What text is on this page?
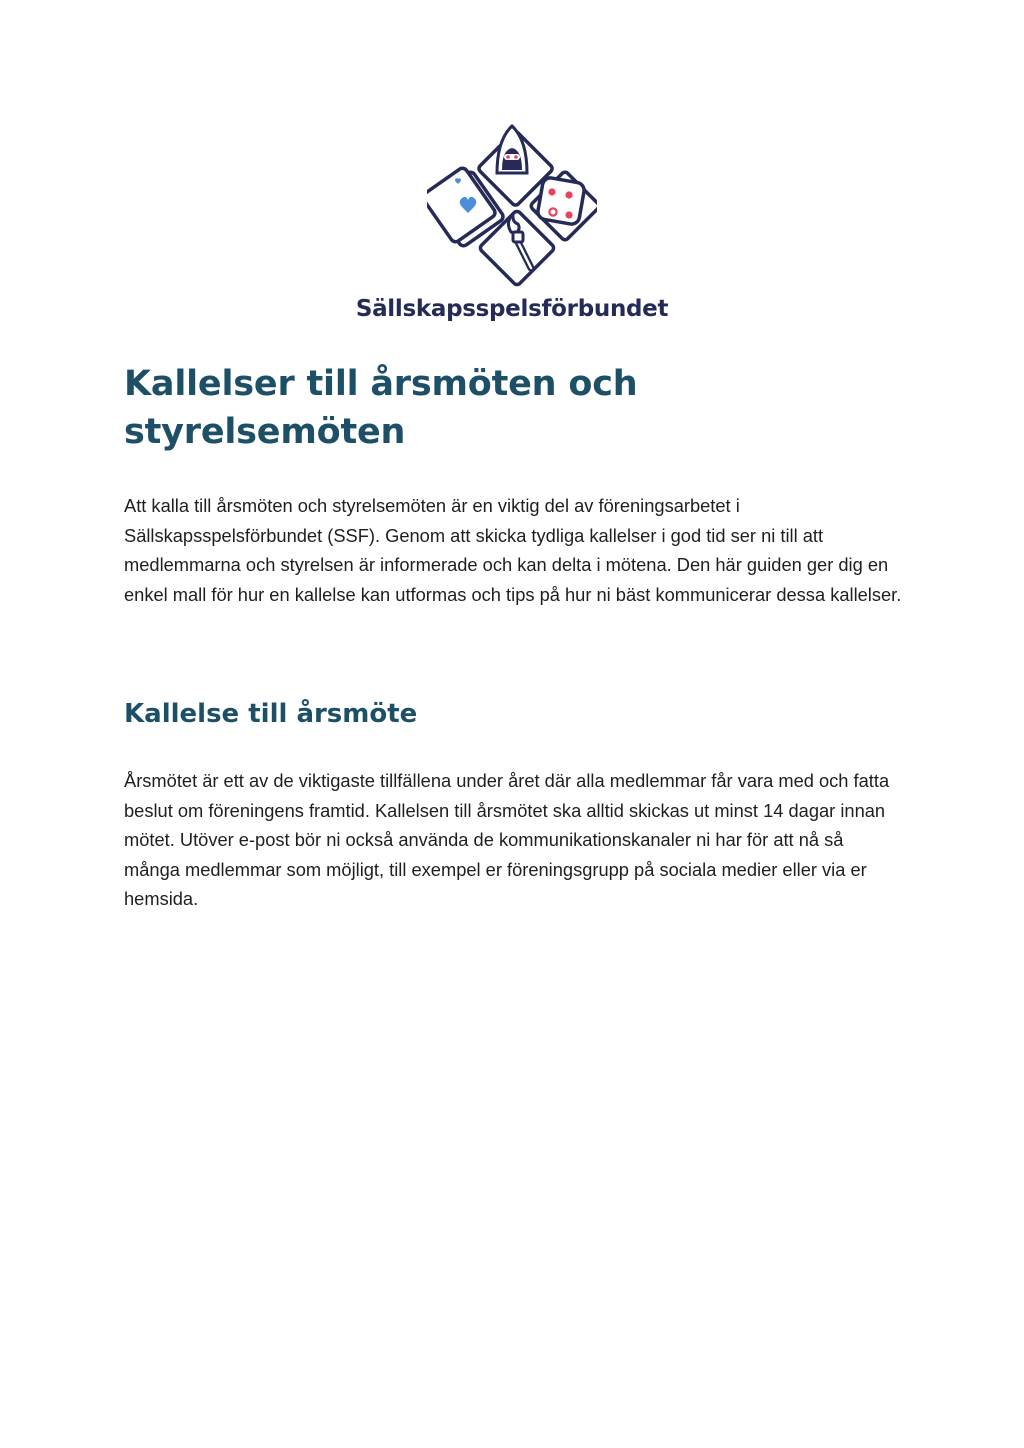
Sällskapsspelsförbundet
Kallelser till årsmöten och styrelsemöten

Att kalla till årsmöten och styrelsemöten är en viktig del av föreningsarbetet i Sällskapsspelsförbundet (SSF). Genom att skicka tydliga kallelser i god tid ser ni till att medlemmarna och styrelsen är informerade och kan delta i mötena. Den här guiden ger dig en enkel mall för hur en kallelse kan utformas och tips på hur ni bäst kommunicerar dessa kallelser.

Kallelse till årsmöte

Årsmötet är ett av de viktigaste tillfällena under året där alla medlemmar får vara med och fatta beslut om föreningens framtid. Kallelsen till årsmötet ska alltid skickas ut minst 14 dagar innan mötet. Utöver e-post bör ni också använda de kommunikationskanaler ni har för att nå så många medlemmar som möjligt, till exempel er föreningsgrupp på sociala medier eller via er hemsida.
